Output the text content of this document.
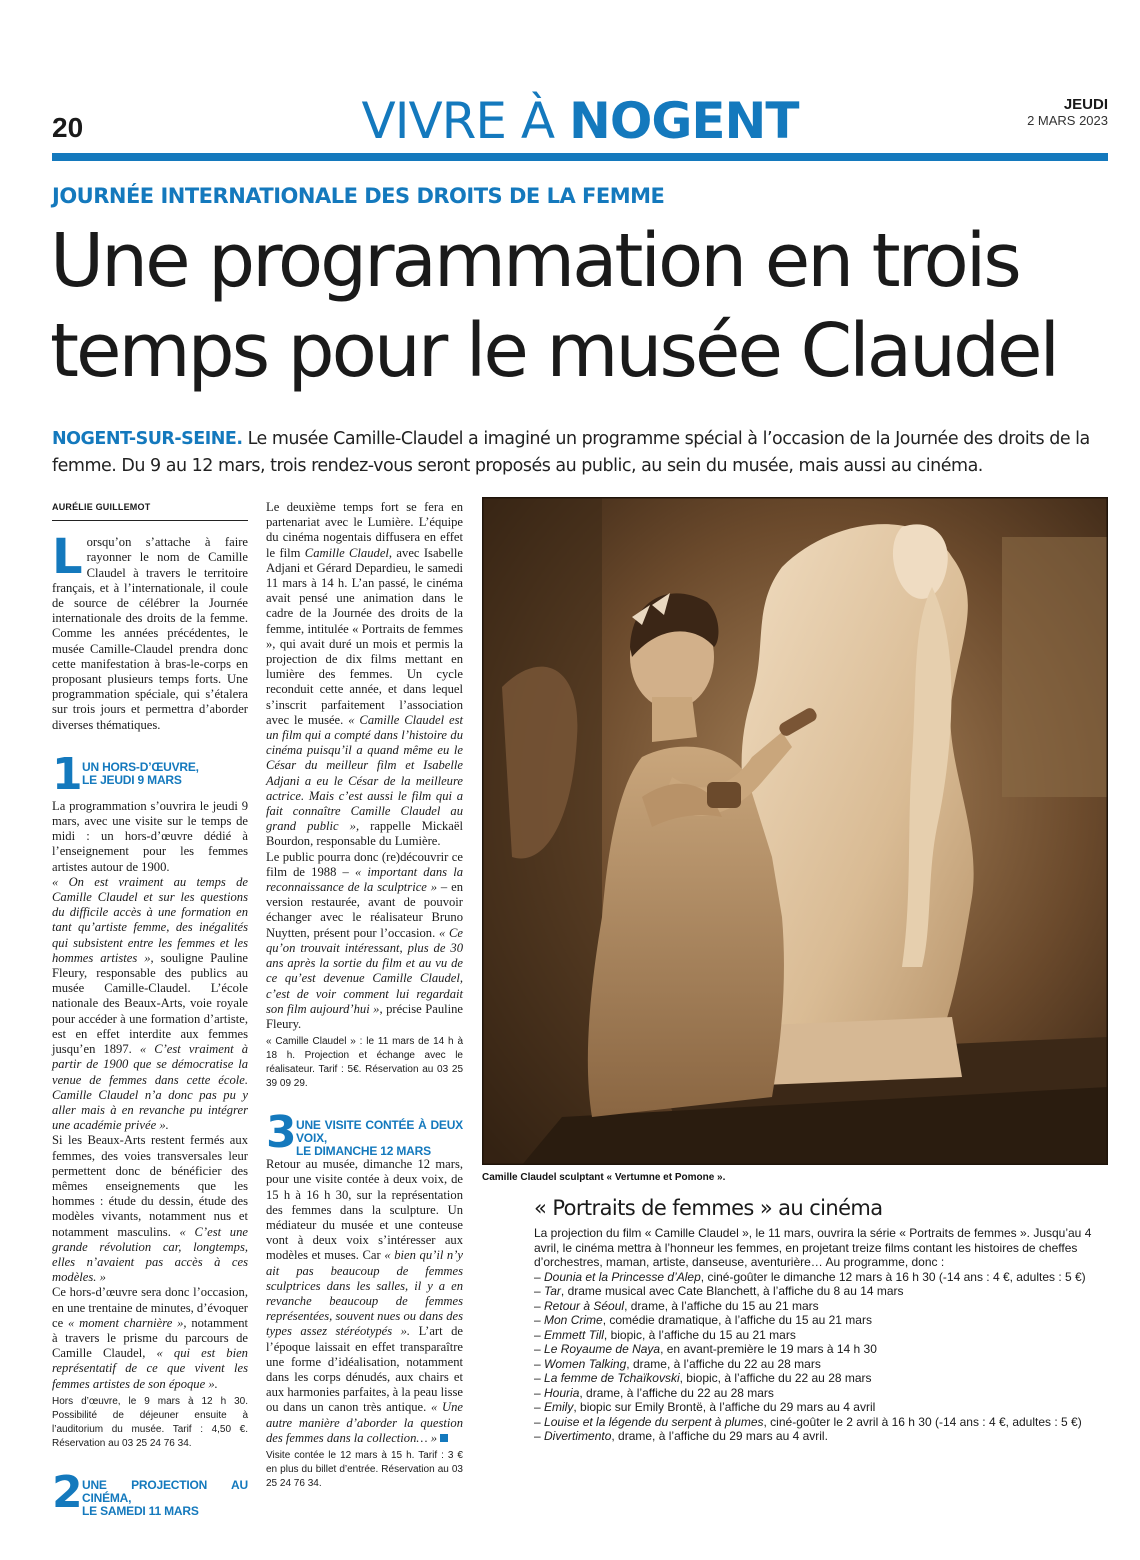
20	VIVRE À NOGENT	JEUDI
2 MARS 2023
JOURNÉE INTERNATIONALE DES DROITS DE LA FEMME
Une programmation en trois
temps pour le musée Claudel
NOGENT-SUR-SEINE. Le musée Camille-Claudel a imaginé un programme spécial à l’occasion de la Journée des droits de la femme. Du 9 au 12 mars, trois rendez-vous seront proposés au public, au sein du musée, mais aussi au cinéma.
AURÉLIE GUILLEMOT

Lorsqu’on s’attache à faire rayonner le nom de Camille Claudel à travers le territoire français, et à l’internationale, il coule de source de célébrer la Journée internationale des droits de la femme. Comme les années précédentes, le musée Camille-Claudel prendra donc cette manifestation à bras-le-corps en proposant plusieurs temps forts. Une programmation spéciale, qui s’étalera sur trois jours et permettra d’aborder diverses thématiques.

1 UN HORS-D’ŒUVRE,
LE JEUDI 9 MARS

La programmation s’ouvrira le jeudi 9 mars, avec une visite sur le temps de midi : un hors-d’œuvre dédié à l’enseignement pour les femmes artistes autour de 1900.

« On est vraiment au temps de Camille Claudel et sur les questions du difficile accès à une formation en tant qu’artiste femme, des inégalités qui subsistent entre les femmes et les hommes artistes », souligne Pauline Fleury, responsable des publics au musée Camille-Claudel. L’école nationale des Beaux-Arts, voie royale pour accéder à une formation d’artiste, est en effet interdite aux femmes jusqu’en 1897. « C’est vraiment à partir de 1900 que se démocratise la venue de femmes dans cette école. Camille Claudel n’a donc pas pu y aller mais à en revanche pu intégrer une académie privée ».

Si les Beaux-Arts restent fermés aux femmes, des voies transversales leur permettent donc de bénéficier des mêmes enseignements que les hommes : étude du dessin, étude des modèles vivants, notamment nus et notamment masculins. « C’est une grande révolution car, longtemps, elles n’avaient pas accès à ces modèles. »

Ce hors-d’œuvre sera donc l’occasion, en une trentaine de minutes, d’évoquer ce « moment charnière », notamment à travers le prisme du parcours de Camille Claudel, « qui est bien représentatif de ce que vivent les femmes artistes de son époque ».

Hors d’œuvre, le 9 mars à 12 h 30. Possibilité de déjeuner ensuite à l’auditorium du musée. Tarif : 4,50 €. Réservation au 03 25 24 76 34.

2 UNE PROJECTION AU CINÉMA,
LE SAMEDI 11 MARS

Le deuxième temps fort se fera en partenariat avec le Lumière. L’équipe du cinéma nogentais diffusera en effet le film Camille Claudel, avec Isabelle Adjani et Gérard Depardieu, le samedi 11 mars à 14 h. L’an passé, le cinéma avait pensé une animation dans le cadre de la Journée des droits de la femme, intitulée « Portraits de femmes », qui avait duré un mois et permis la projection de dix films mettant en lumière des femmes. Un cycle reconduit cette année, et dans lequel s’inscrit parfaitement l’association avec le musée. « Camille Claudel est un film qui a compté dans l’histoire du cinéma puisqu’il a quand même eu le César du meilleur film et Isabelle Adjani a eu le César de la meilleure actrice. Mais c’est aussi le film qui a fait connaître Camille Claudel au grand public », rappelle Mickaël Bourdon, responsable du Lumière.

Le public pourra donc (re)découvrir ce film de 1988 – « important dans la reconnaissance de la sculptrice » – en version restaurée, avant de pouvoir échanger avec le réalisateur Bruno Nuytten, présent pour l’occasion. « Ce qu’on trouvait intéressant, plus de 30 ans après la sortie du film et au vu de ce qu’est devenue Camille Claudel, c’est de voir comment lui regardait son film aujourd’hui », précise Pauline Fleury.

« Camille Claudel » : le 11 mars de 14 h à 18 h. Projection et échange avec le réalisateur. Tarif : 5€. Réservation au 03 25 39 09 29.

3 UNE VISITE CONTÉE À DEUX VOIX,
LE DIMANCHE 12 MARS

Retour au musée, dimanche 12 mars, pour une visite contée à deux voix, de 15 h à 16 h 30, sur la représentation des femmes dans la sculpture. Un médiateur du musée et une conteuse vont à deux voix s’intéresser aux modèles et muses. Car « bien qu’il n’y ait pas beaucoup de femmes sculptrices dans les salles, il y a en revanche beaucoup de femmes représentées, souvent nues ou dans des types assez stéréotypés ». L’art de l’époque laissait en effet transparaître une forme d’idéalisation, notamment dans les corps dénudés, aux chairs et aux harmonies parfaites, à la peau lisse ou dans un canon très antique. « Une autre manière d’aborder la question des femmes dans la collection… »

Visite contée le 12 mars à 15 h. Tarif : 3 € en plus du billet d’entrée. Réservation au 03 25 24 76 34.

Camille Claudel sculptant « Vertumne et Pomone ».
« Portraits de femmes » au cinéma

La projection du film « Camille Claudel », le 11 mars, ouvrira la série « Portraits de femmes ». Jusqu’au 4 avril, le cinéma mettra à l’honneur les femmes, en projetant treize films contant les histoires de cheffes d’orchestres, maman, artiste, danseuse, aventurière… Au programme, donc :

– Dounia et la Princesse d’Alep, ciné-goûter le dimanche 12 mars à 16 h 30 (-14 ans : 4 €, adultes : 5 €)

– Tar, drame musical avec Cate Blanchett, à l’affiche du 8 au 14 mars

– Retour à Séoul, drame, à l’affiche du 15 au 21 mars

– Mon Crime, comédie dramatique, à l’affiche du 15 au 21 mars

– Emmett Till, biopic, à l’affiche du 15 au 21 mars

– Le Royaume de Naya, en avant-première le 19 mars à 14 h 30

– Women Talking, drame, à l’affiche du 22 au 28 mars

– La femme de Tchaïkovski, biopic, à l’affiche du 22 au 28 mars

– Houria, drame, à l’affiche du 22 au 28 mars

– Emily, biopic sur Emily Brontë, à l’affiche du 29 mars au 4 avril

– Louise et la légende du serpent à plumes, ciné-goûter le 2 avril à 16 h 30 (-14 ans : 4 €, adultes : 5 €)

– Divertimento, drame, à l’affiche du 29 mars au 4 avril.
